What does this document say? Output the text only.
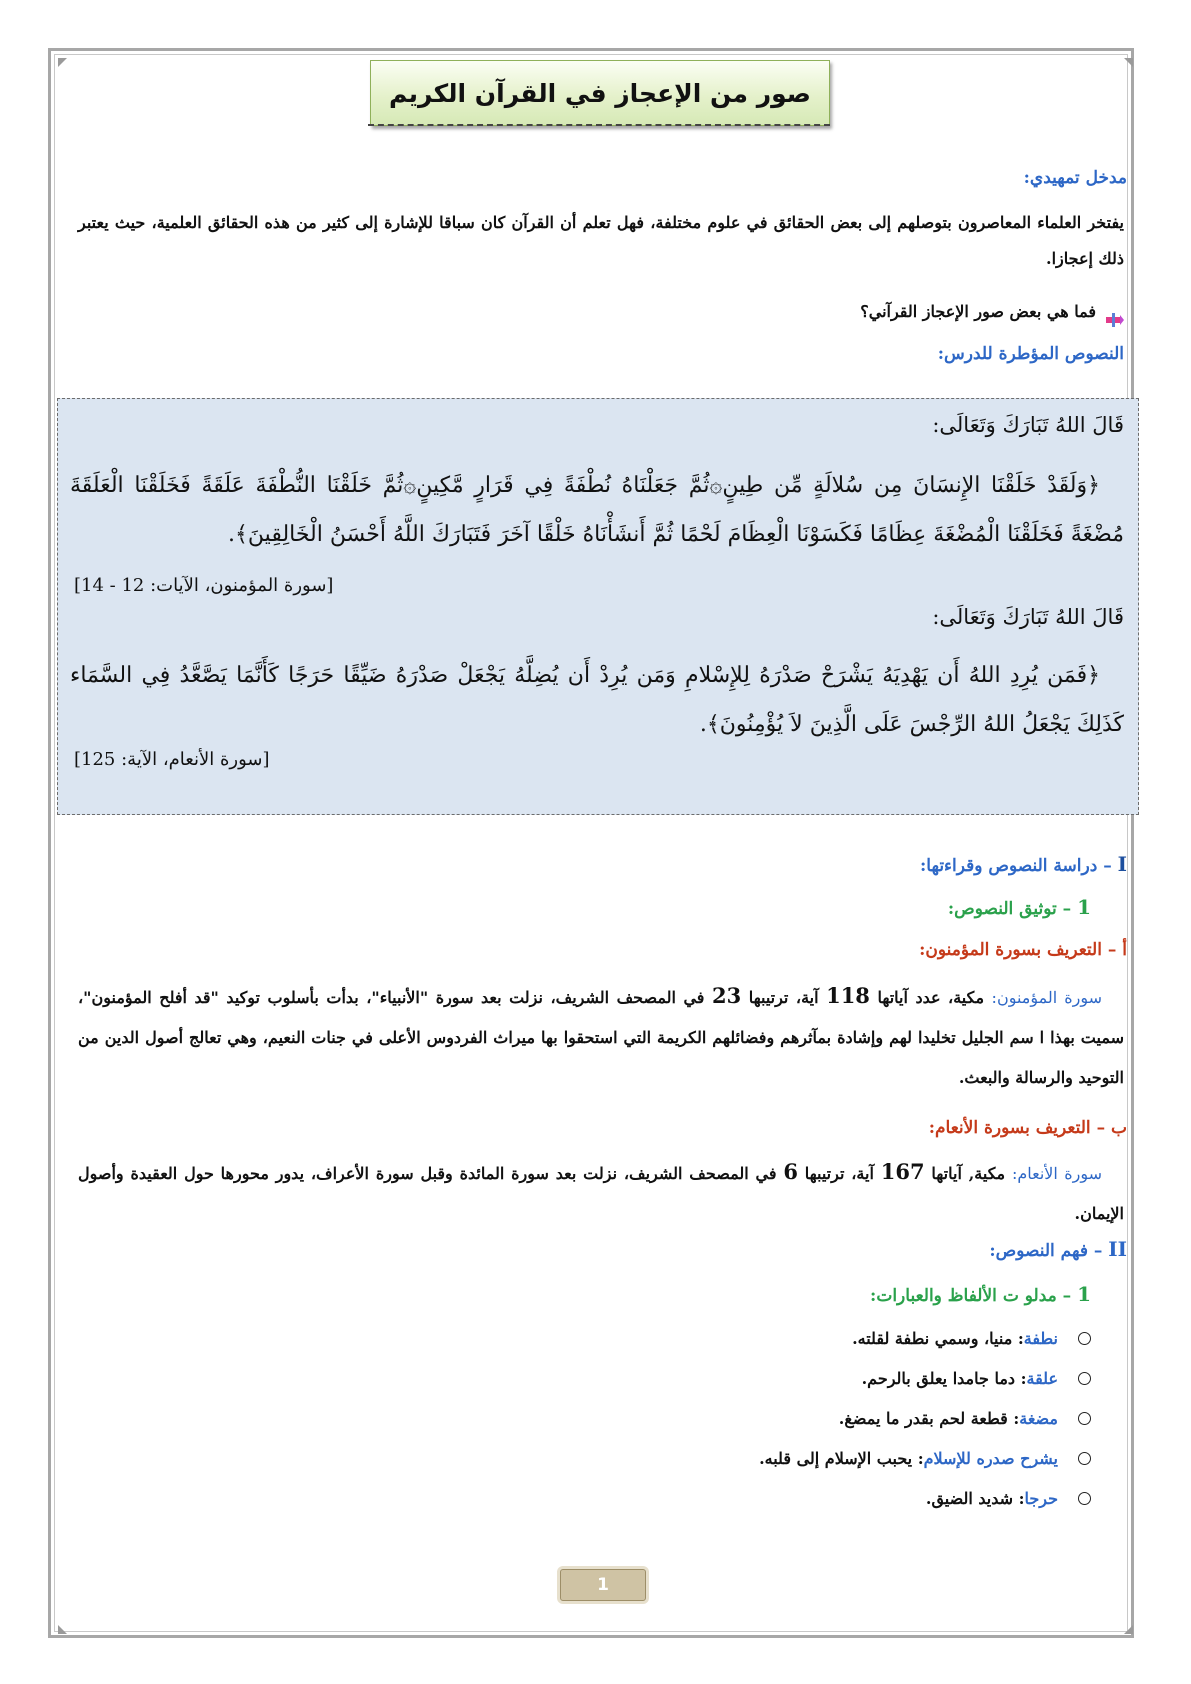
صور من الإعجاز في القرآن الكريم
مدخل تمهيدي:
يفتخر العلماء المعاصرون بتوصلهم إلى بعض الحقائق في علوم مختلفة، فهل تعلم أن القرآن كان سباقا للإشارة إلى كثير من هذه الحقائق العلمية، حيث يعتبر ذلك إعجازا.
فما هي بعض صور الإعجاز القرآني؟
النصوص المؤطرة للدرس:
قَالَ اللهُ تَبَارَكَ وَتَعَالَى:
﴿وَلَقَدْ خَلَقْنَا الإِنسَانَ مِن سُلالَةٍ مِّن طِينٍ۞ثُمَّ جَعَلْنَاهُ نُطْفَةً فِي قَرَارٍ مَّكِينٍ۞ثُمَّ خَلَقْنَا النُّطْفَةَ عَلَقَةً فَخَلَقْنَا الْعَلَقَةَ مُضْغَةً فَخَلَقْنَا الْمُضْغَةَ عِظَامًا فَكَسَوْنَا الْعِظَامَ لَحْمًا ثُمَّ أَنشَأْنَاهُ خَلْقًا آخَرَ فَتَبَارَكَ اللَّهُ أَحْسَنُ الْخَالِقِينَ﴾.
[سورة المؤمنون، الآيات: 12 - 14]
قَالَ اللهُ تَبَارَكَ وَتَعَالَى:
﴿فَمَن يُرِدِ اللهُ أَن يَهْدِيَهُ يَشْرَحْ صَدْرَهُ لِلإِسْلامِ وَمَن يُرِدْ أَن يُضِلَّهُ يَجْعَلْ صَدْرَهُ ضَيِّقًا حَرَجًا كَأَنَّمَا يَصَّعَّدُ فِي السَّمَاء كَذَلِكَ يَجْعَلُ اللهُ الرِّجْسَ عَلَى الَّذِينَ لاَ يُؤْمِنُونَ﴾.
[سورة الأنعام، الآية: 125]
I – دراسة النصوص وقراءتها:
1 – توثيق النصوص:
أ – التعريف بسورة المؤمنون:
سورة المؤمنون: مكية، عدد آياتها 118 آية، ترتيبها 23 في المصحف الشريف، نزلت بعد سورة "الأنبياء"، بدأت بأسلوب توكيد "قد أفلح المؤمنون"، سميت بهذا ا سم الجليل تخليدا لهم وإشادة بمآثرهم وفضائلهم الكريمة التي استحقوا بها ميراث الفردوس الأعلى في جنات النعيم، وهي تعالج أصول الدين من التوحيد والرسالة والبعث.
ب – التعريف بسورة الأنعام:
سورة الأنعام: مكية, آياتها 167 آية، ترتيبها 6 في المصحف الشريف، نزلت بعد سورة المائدة وقبل سورة الأعراف، يدور محورها حول العقيدة وأصول الإيمان.
II – فهم النصوص:
1 – مدلو ت الألفاظ والعبارات:
نطفة
: منيا، وسمي نطفة لقلته.
علقة
: دما جامدا يعلق بالرحم.
مضغة
: قطعة لحم بقدر ما يمضغ.
يشرح صدره للإسلام
: يحبب الإسلام إلى قلبه.
حرجا
: شديد الضيق.
1
